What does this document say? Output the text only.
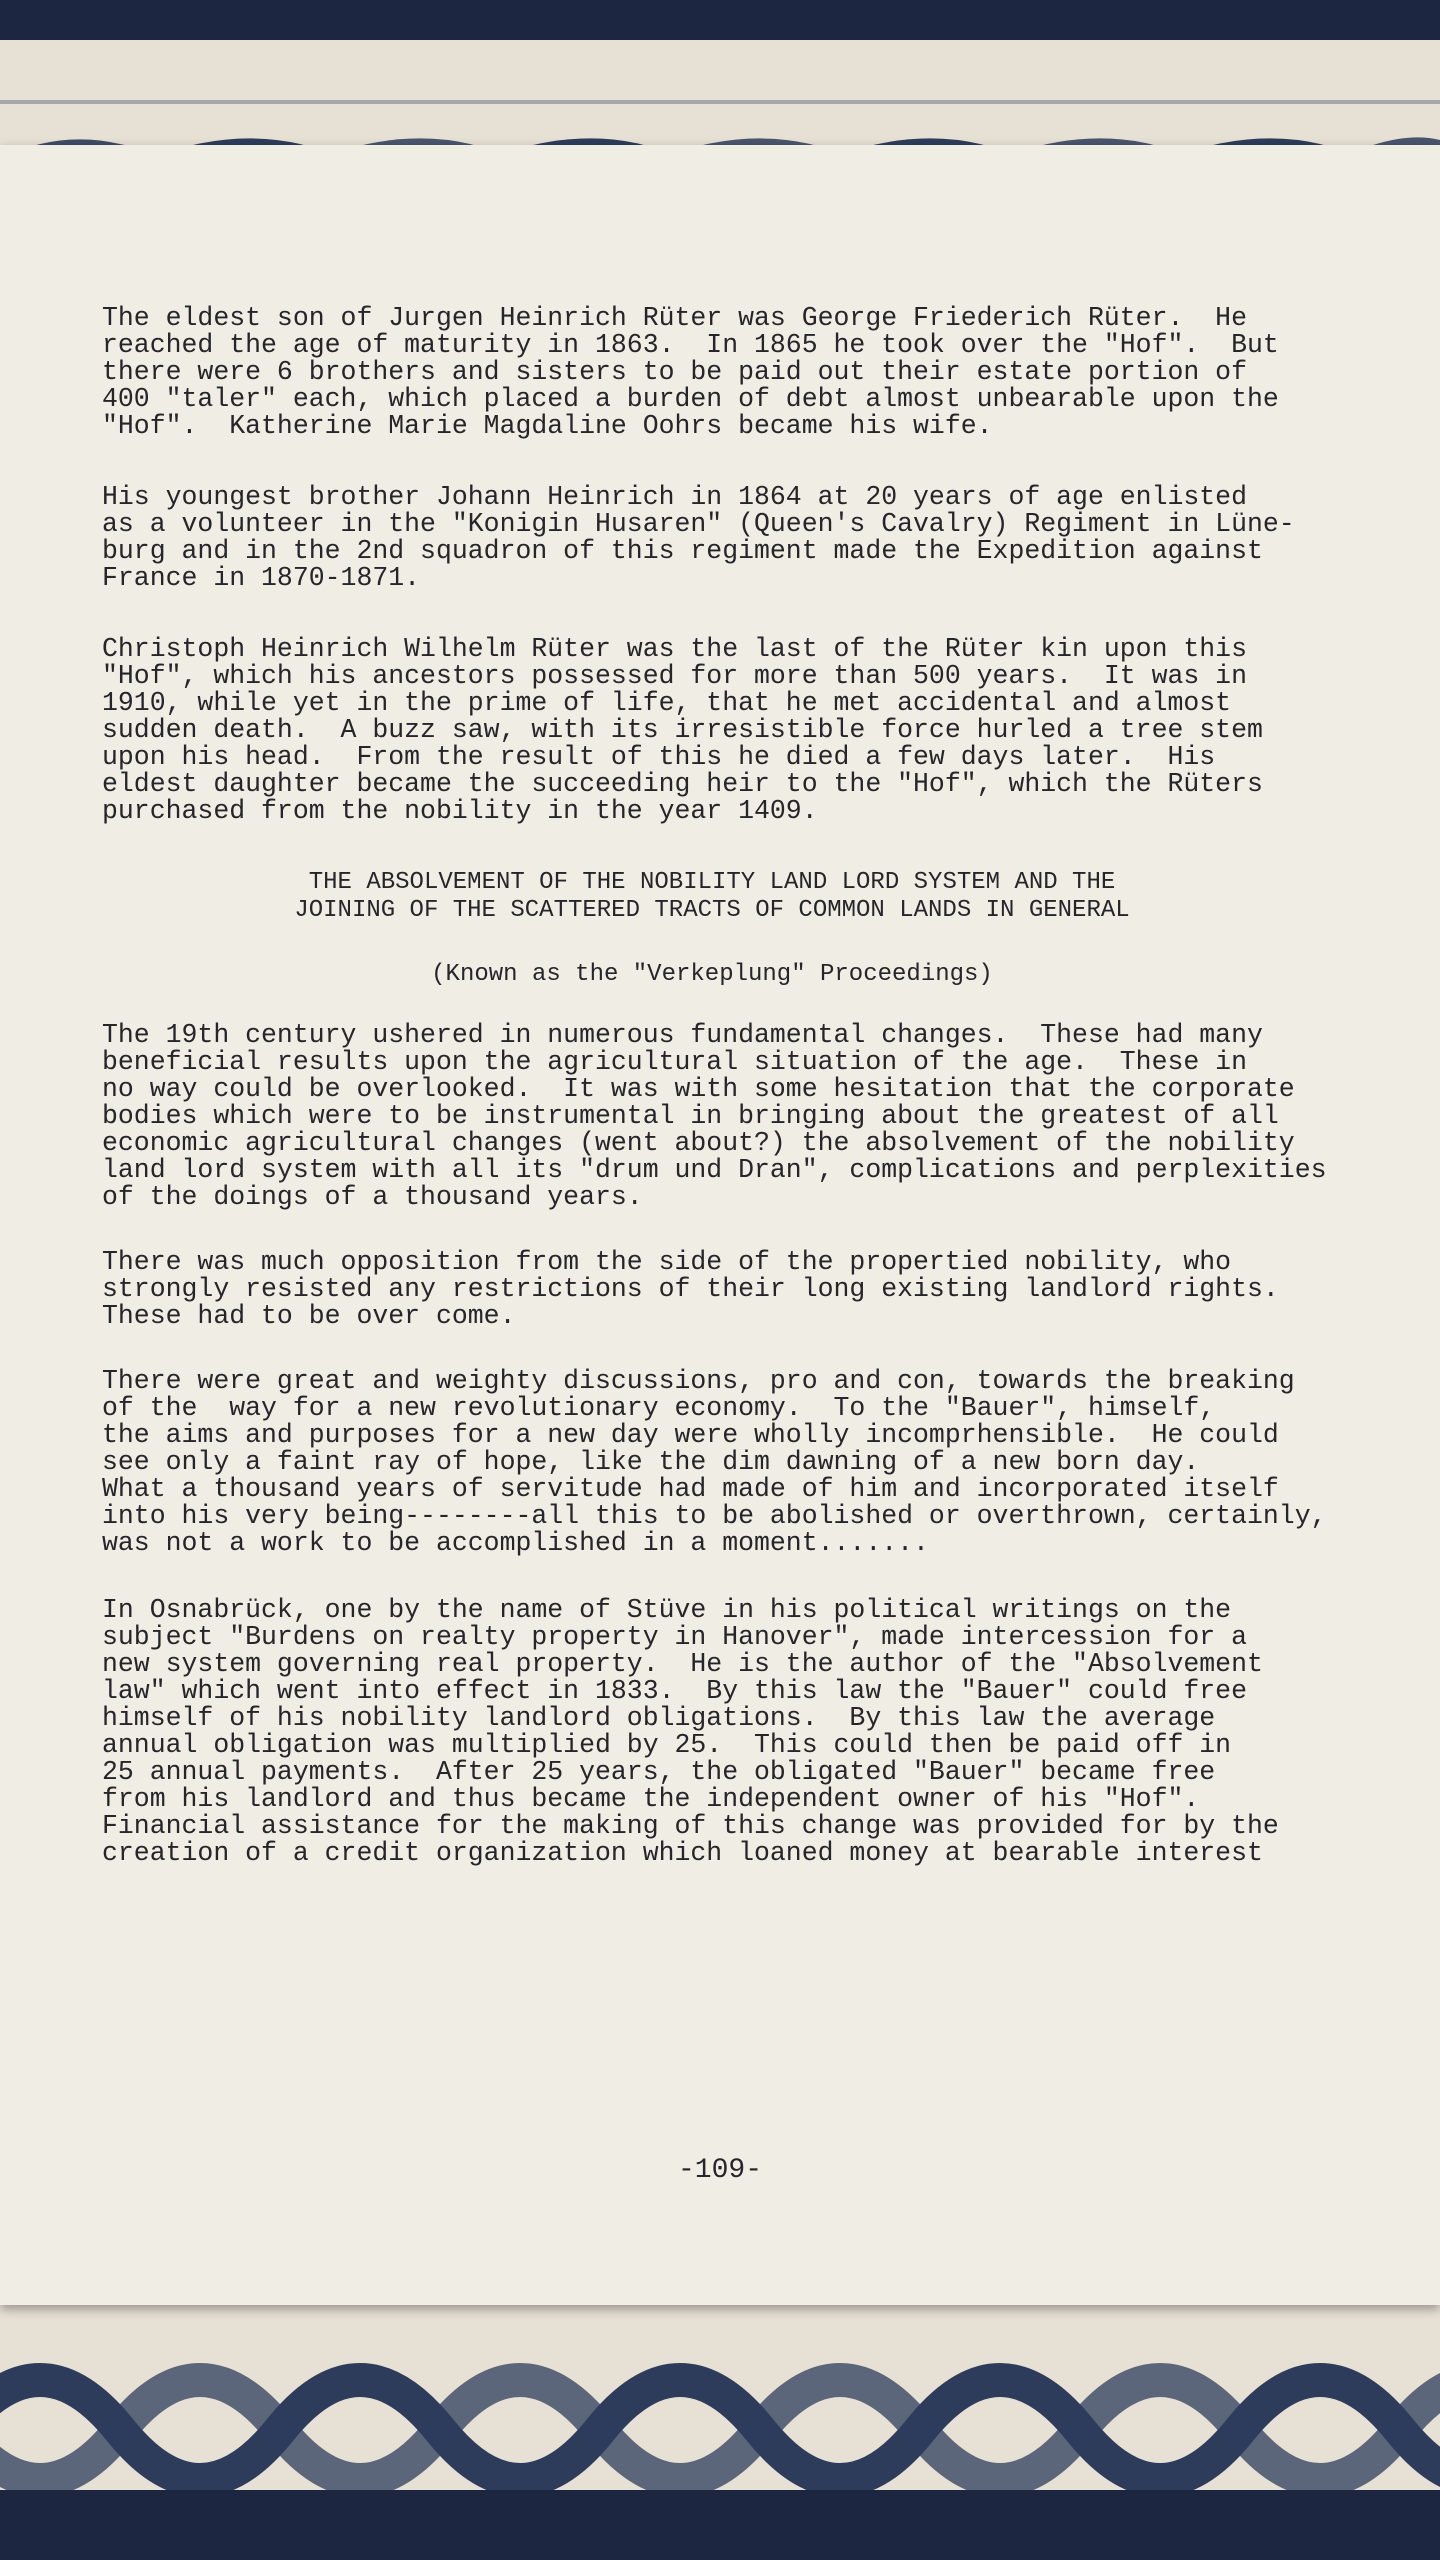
The eldest son of Jurgen Heinrich Rüter was George Friederich Rüter.  He
reached the age of maturity in 1863.  In 1865 he took over the "Hof".  But
there were 6 brothers and sisters to be paid out their estate portion of
400 "taler" each, which placed a burden of debt almost unbearable upon the
"Hof".  Katherine Marie Magdaline Oohrs became his wife.

His youngest brother Johann Heinrich in 1864 at 20 years of age enlisted
as a volunteer in the "Konigin Husaren" (Queen's Cavalry) Regiment in Lüne-
burg and in the 2nd squadron of this regiment made the Expedition against
France in 1870-1871.

Christoph Heinrich Wilhelm Rüter was the last of the Rüter kin upon this
"Hof", which his ancestors possessed for more than 500 years.  It was in
1910, while yet in the prime of life, that he met accidental and almost
sudden death.  A buzz saw, with its irresistible force hurled a tree stem
upon his head.  From the result of this he died a few days later.  His
eldest daughter became the succeeding heir to the "Hof", which the Rüters
purchased from the nobility in the year 1409.

THE ABSOLVEMENT OF THE NOBILITY LAND LORD SYSTEM AND THE
JOINING OF THE SCATTERED TRACTS OF COMMON LANDS IN GENERAL

(Known as the "Verkeplung" Proceedings)

The 19th century ushered in numerous fundamental changes.  These had many
beneficial results upon the agricultural situation of the age.  These in
no way could be overlooked.  It was with some hesitation that the corporate
bodies which were to be instrumental in bringing about the greatest of all
economic agricultural changes (went about?) the absolvement of the nobility
land lord system with all its "drum und Dran", complications and perplexities
of the doings of a thousand years.

There was much opposition from the side of the propertied nobility, who
strongly resisted any restrictions of their long existing landlord rights.
These had to be over come.

There were great and weighty discussions, pro and con, towards the breaking
of the  way for a new revolutionary economy.  To the "Bauer", himself,
the aims and purposes for a new day were wholly incomprhensible.  He could
see only a faint ray of hope, like the dim dawning of a new born day.
What a thousand years of servitude had made of him and incorporated itself
into his very being--------all this to be abolished or overthrown, certainly,
was not a work to be accomplished in a moment.......

In Osnabrück, one by the name of Stüve in his political writings on the
subject "Burdens on realty property in Hanover", made intercession for a
new system governing real property.  He is the author of the "Absolvement
law" which went into effect in 1833.  By this law the "Bauer" could free
himself of his nobility landlord obligations.  By this law the average
annual obligation was multiplied by 25.  This could then be paid off in
25 annual payments.  After 25 years, the obligated "Bauer" became free
from his landlord and thus became the independent owner of his "Hof".
Financial assistance for the making of this change was provided for by the
creation of a credit organization which loaned money at bearable interest

-109-
